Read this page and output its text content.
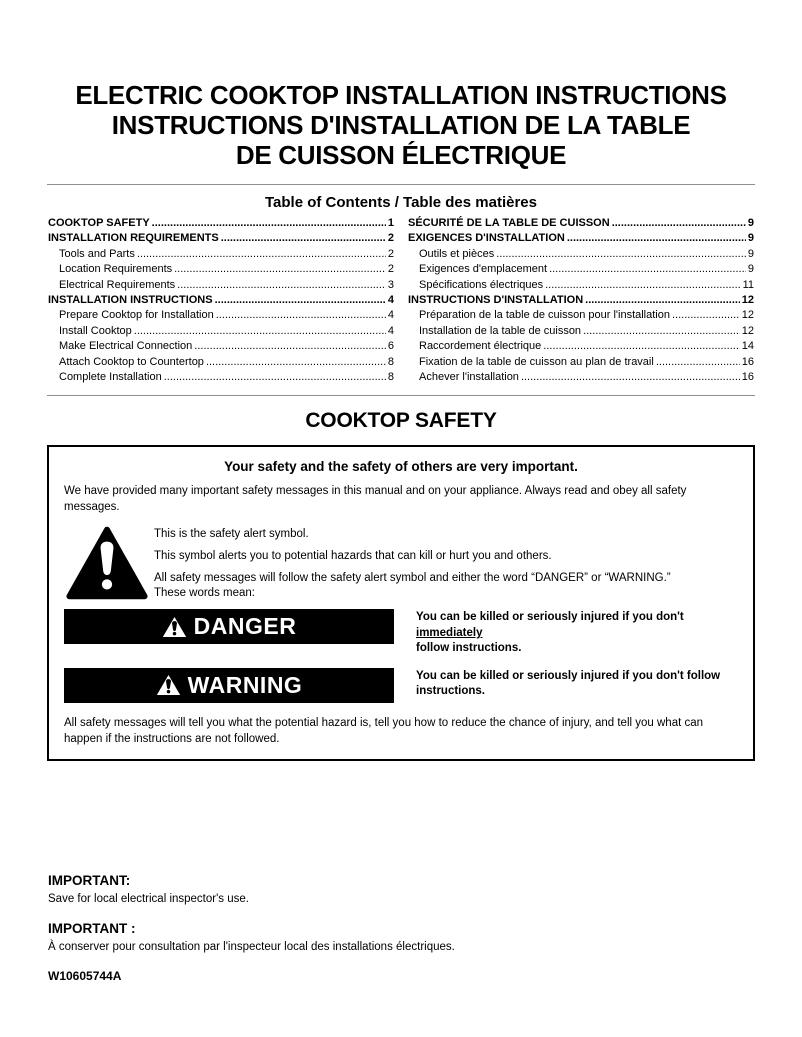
ELECTRIC COOKTOP INSTALLATION INSTRUCTIONS
INSTRUCTIONS D'INSTALLATION DE LA TABLE
DE CUISSON ÉLECTRIQUE
Table of Contents / Table des matières
COOKTOP SAFETY .....	1
INSTALLATION REQUIREMENTS .....	2
Tools and Parts .....	2
Location Requirements .....	2
Electrical Requirements .....	3
INSTALLATION INSTRUCTIONS .....	4
Prepare Cooktop for Installation .....	4
Install Cooktop .....	4
Make Electrical Connection .....	6
Attach Cooktop to Countertop .....	8
Complete Installation .....	8
SÉCURITÉ DE LA TABLE DE CUISSON .....	9
EXIGENCES D'INSTALLATION .....	9
Outils et pièces .....	9
Exigences d'emplacement .....	9
Spécifications électriques .....	11
INSTRUCTIONS D'INSTALLATION .....	12
Préparation de la table de cuisson pour l'installation .....	12
Installation de la table de cuisson .....	12
Raccordement électrique .....	14
Fixation de la table de cuisson au plan de travail .....	16
Achever l'installation .....	16
COOKTOP SAFETY
Your safety and the safety of others are very important.

We have provided many important safety messages in this manual and on your appliance. Always read and obey all safety messages.

This is the safety alert symbol.

This symbol alerts you to potential hazards that can kill or hurt you and others.

All safety messages will follow the safety alert symbol and either the word “DANGER” or “WARNING.”

These words mean:

DANGER	You can be killed or seriously injured if you don't immediately
follow instructions.

WARNING	You can be killed or seriously injured if you don't follow
instructions.

All safety messages will tell you what the potential hazard is, tell you how to reduce the chance of injury, and tell you what can happen if the instructions are not followed.

IMPORTANT:

Save for local electrical inspector's use.

IMPORTANT :

À conserver pour consultation par l'inspecteur local des installations électriques.

W10605744A
